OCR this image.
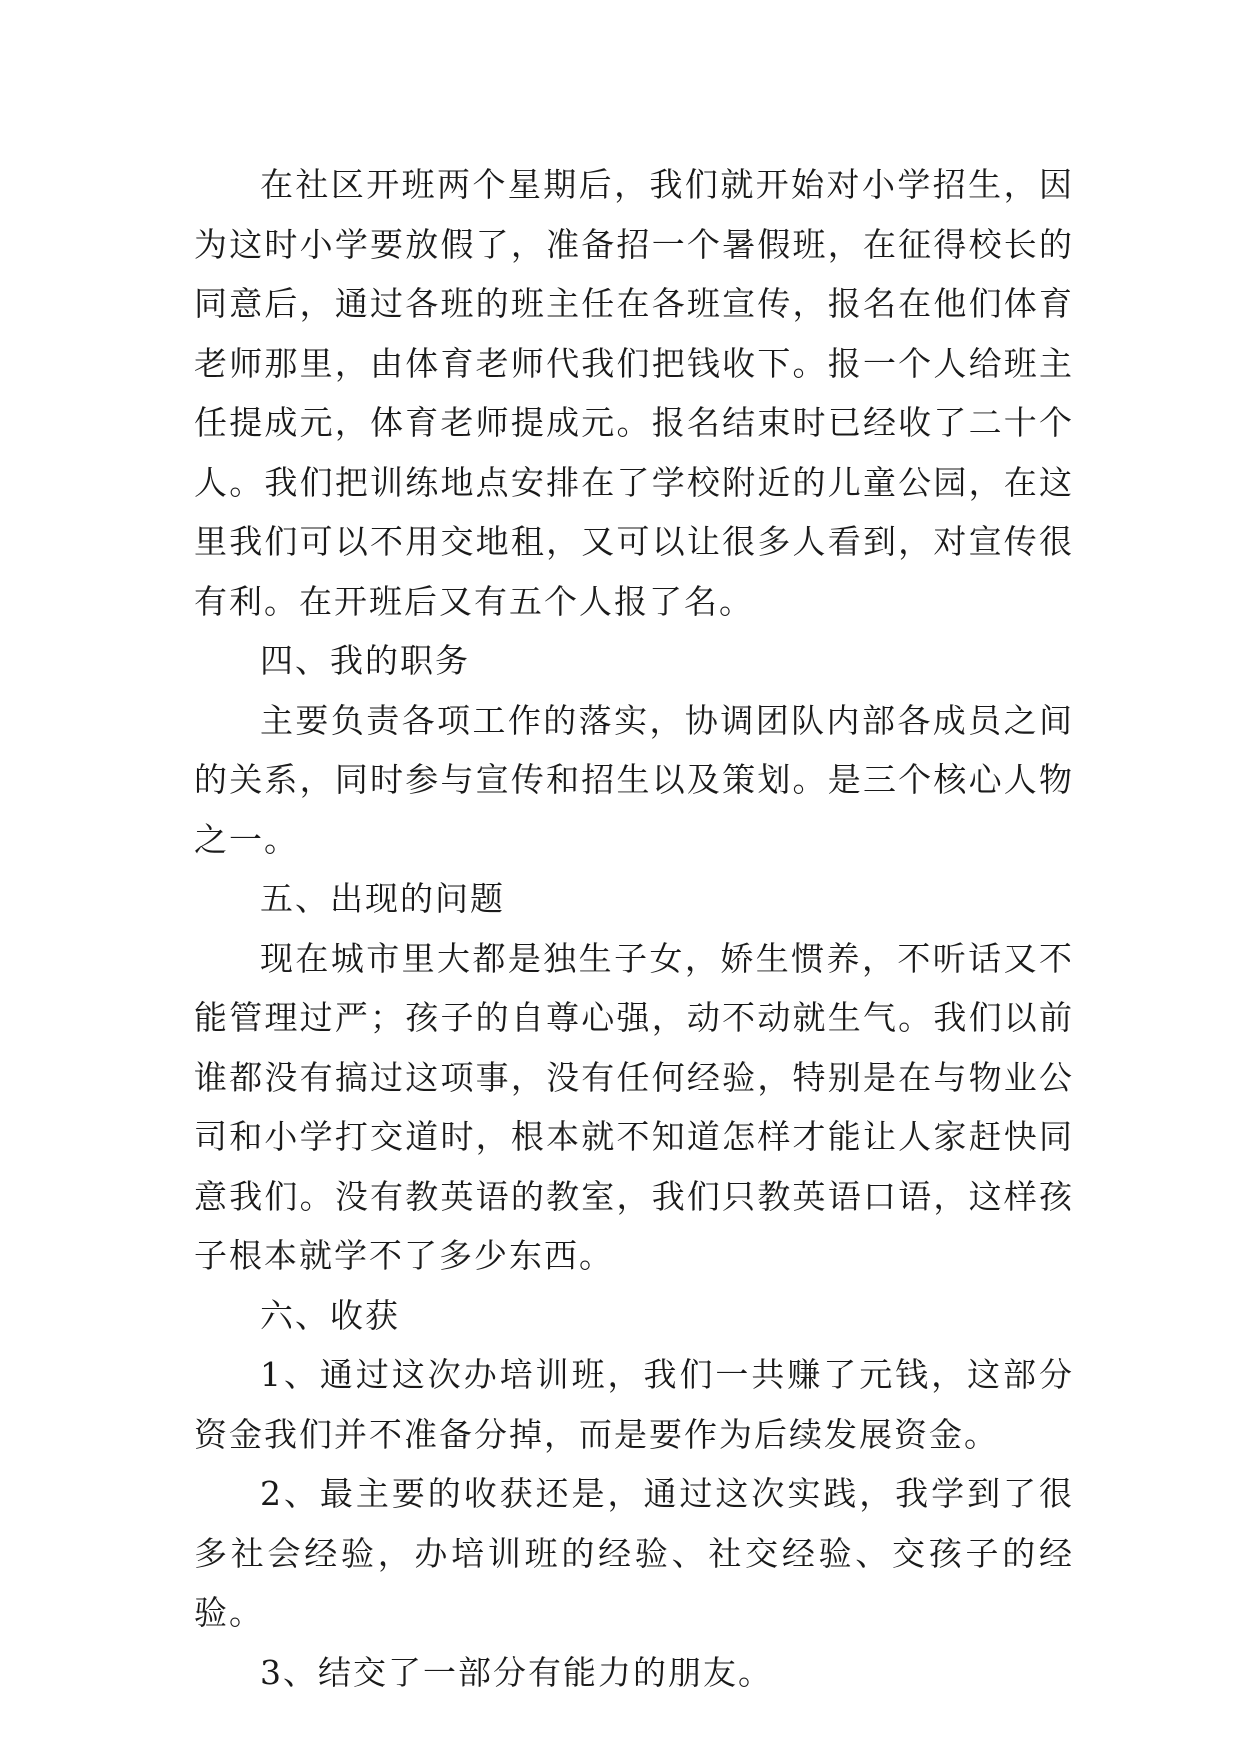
在社区开班两个星期后，我们就开始对小学招生，因为这时小学要放假了，准备招一个暑假班，在征得校长的同意后，通过各班的班主任在各班宣传，报名在他们体育老师那里，由体育老师代我们把钱收下。报一个人给班主任提成元，体育老师提成元。报名结束时已经收了二十个人。我们把训练地点安排在了学校附近的儿童公园，在这里我们可以不用交地租，又可以让很多人看到，对宣传很有利。在开班后又有五个人报了名。

四、我的职务

主要负责各项工作的落实，协调团队内部各成员之间的关系，同时参与宣传和招生以及策划。是三个核心人物之一。

五、出现的问题

现在城市里大都是独生子女，娇生惯养，不听话又不能管理过严；孩子的自尊心强，动不动就生气。我们以前谁都没有搞过这项事，没有任何经验，特别是在与物业公司和小学打交道时，根本就不知道怎样才能让人家赶快同意我们。没有教英语的教室，我们只教英语口语，这样孩子根本就学不了多少东西。

六、收获

1、通过这次办培训班，我们一共赚了元钱，这部分资金我们并不准备分掉，而是要作为后续发展资金。

2、最主要的收获还是，通过这次实践，我学到了很多社会经验，办培训班的经验、社交经验、交孩子的经验。

3、结交了一部分有能力的朋友。
